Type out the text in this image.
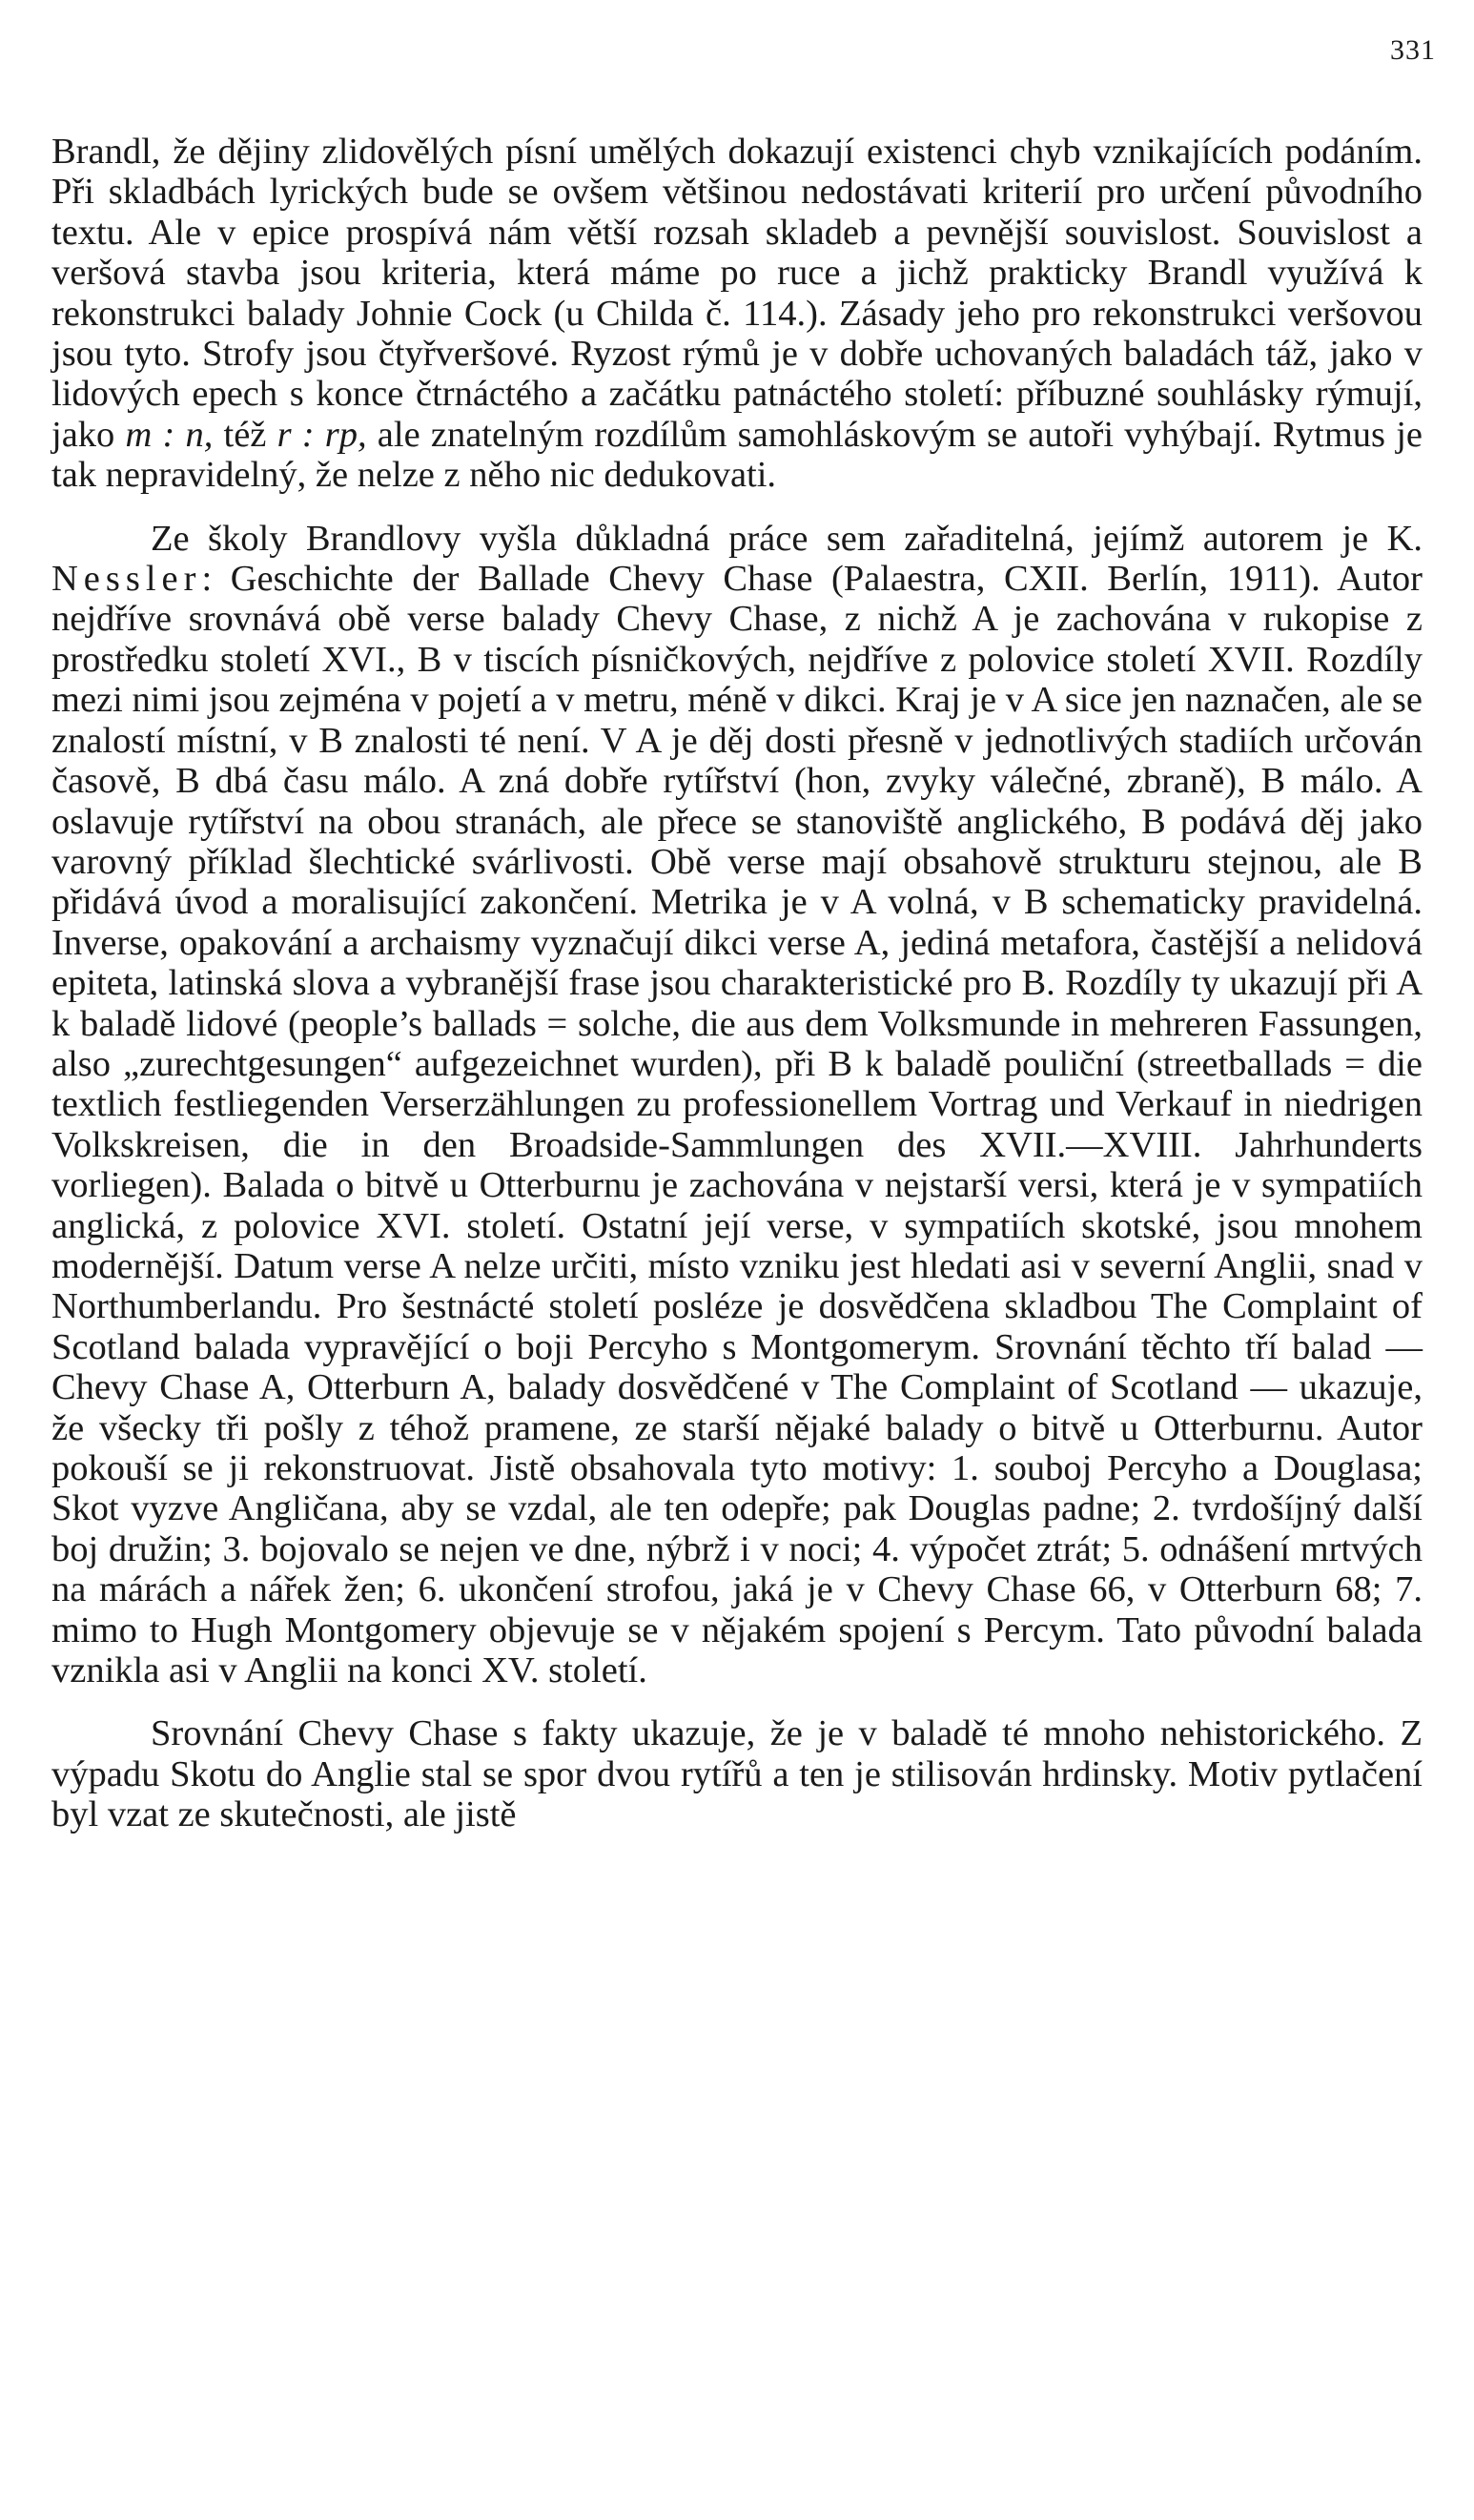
331

Brandl, že dějiny zlidovělých písní umělých dokazují existenci chyb vznikajících podáním. Při skladbách lyrických bude se ovšem většinou nedostávati kriterií pro určení původního textu. Ale v epice prospívá nám větší rozsah skladeb a pevnější souvislost. Souvislost a veršová stavba jsou kriteria, která máme po ruce a jichž prakticky Brandl využívá k rekonstrukci balady Johnie Cock (u Childa č. 114.). Zásady jeho pro rekonstrukci veršovou jsou tyto. Strofy jsou čtyřveršové. Ryzost rýmů je v dobře uchovaných baladách táž, jako v lidových epech s konce čtrnáctého a začátku patnáctého století: příbuzné souhlásky rýmují, jako m : n, též r : rp, ale znatelným rozdílům samohláskovým se autoři vyhýbají. Rytmus je tak nepravidelný, že nelze z něho nic dedukovati.

Ze školy Brandlovy vyšla důkladná práce sem zařaditelná, jejímž autorem je K. Nessler: Geschichte der Ballade Chevy Chase (Palaestra, CXII. Berlín, 1911). Autor nejdříve srovnává obě verse balady Chevy Chase, z nichž A je zachována v rukopise z prostředku století XVI., B v tiscích písničkových, nejdříve z polovice století XVII. Rozdíly mezi nimi jsou zejména v pojetí a v metru, méně v dikci. Kraj je v A sice jen naznačen, ale se znalostí místní, v B znalosti té není. V A je děj dosti přesně v jednotlivých stadiích určován časově, B dbá času málo. A zná dobře rytířství (hon, zvyky válečné, zbraně), B málo. A oslavuje rytířství na obou stranách, ale přece se stanoviště anglického, B podává děj jako varovný příklad šlechtické svárlivosti. Obě verse mají obsahově strukturu stejnou, ale B přidává úvod a moralisující zakončení. Metrika je v A volná, v B schematicky pravidelná. Inverse, opakování a archaismy vyznačují dikci verse A, jediná metafora, častější a nelidová epiteta, latinská slova a vybranější frase jsou charakteristické pro B. Rozdíly ty ukazují při A k baladě lidové (people’s ballads = solche, die aus dem Volksmunde in mehreren Fassungen, also „zurechtgesungen“ aufgezeichnet wurden), při B k baladě pouliční (streetballads = die textlich festliegenden Verserzählungen zu professionellem Vortrag und Verkauf in niedrigen Volkskreisen, die in den Broadside-Sammlungen des XVII.—XVIII. Jahrhunderts vorliegen). Balada o bitvě u Otterburnu je zachována v nejstarší versi, která je v sympatiích anglická, z polovice XVI. století. Ostatní její verse, v sympatiích skotské, jsou mnohem modernější. Datum verse A nelze určiti, místo vzniku jest hledati asi v severní Anglii, snad v Northumberlandu. Pro šestnácté století posléze je dosvědčena skladbou The Complaint of Scotland balada vypravějící o boji Percyho s Montgomerym. Srovnání těchto tří balad — Chevy Chase A, Otterburn A, balady dosvědčené v The Complaint of Scotland — ukazuje, že všecky tři pošly z téhož pramene, ze starší nějaké balady o bitvě u Otterburnu. Autor pokouší se ji rekonstruovat. Jistě obsahovala tyto motivy: 1. souboj Percyho a Douglasa; Skot vyzve Angličana, aby se vzdal, ale ten odepře; pak Douglas padne; 2. tvrdošíjný další boj družin; 3. bojovalo se nejen ve dne, nýbrž i v noci; 4. výpočet ztrát; 5. odnášení mrtvých na márách a nářek žen; 6. ukončení strofou, jaká je v Chevy Chase 66, v Otterburn 68; 7. mimo to Hugh Montgomery objevuje se v nějakém spojení s Percym. Tato původní balada vznikla asi v Anglii na konci XV. století.

Srovnání Chevy Chase s fakty ukazuje, že je v baladě té mnoho nehistorického. Z výpadu Skotu do Anglie stal se spor dvou rytířů a ten je stilisován hrdinsky. Motiv pytlačení byl vzat ze skutečnosti, ale jistě
